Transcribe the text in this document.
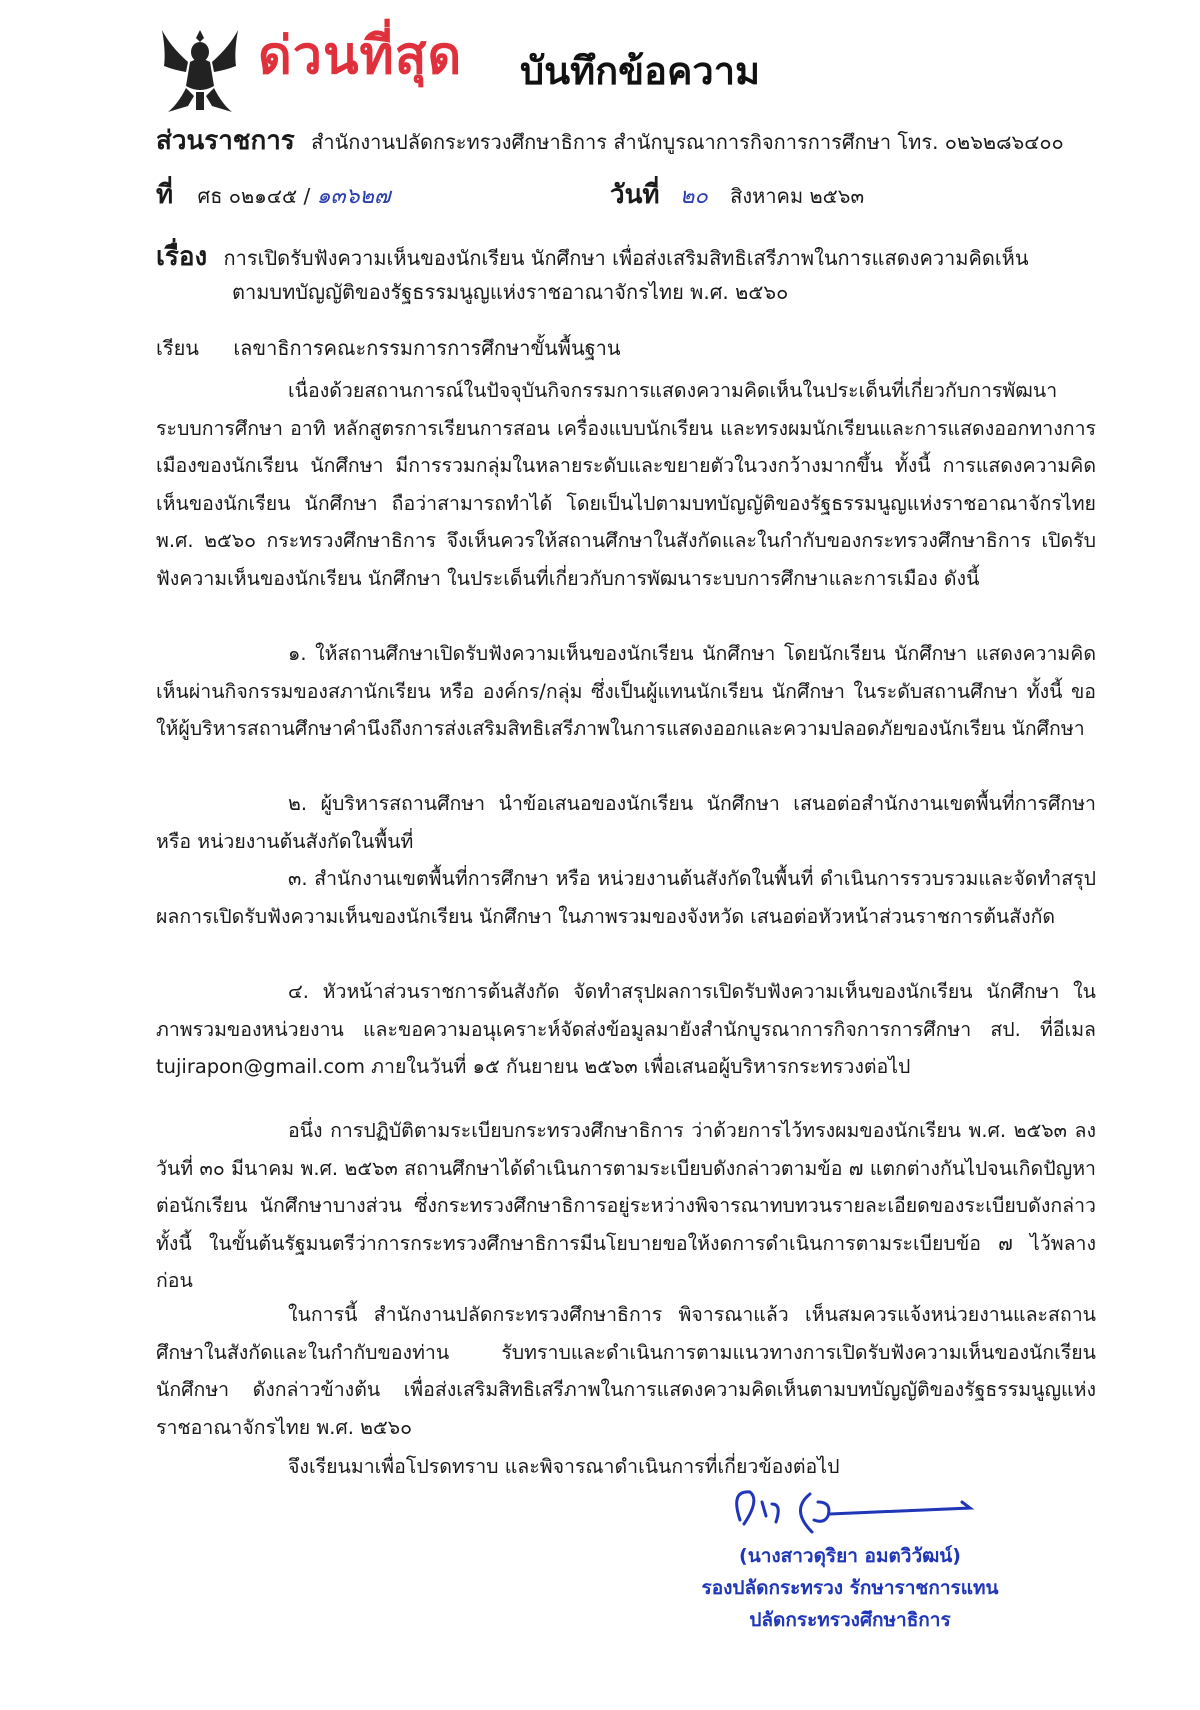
ด่วนที่สุด บันทึกข้อความ
ส่วนราชการ สำนักงานปลัดกระทรวงศึกษาธิการ สำนักบูรณาการกิจการการศึกษา โทร. ๐๒๖๒๘๖๔๐๐
ที่ ศธ ๐๒๑๔๕ / ๑๓๖๒๗	วันที่ ๒๐ สิงหาคม ๒๕๖๓
เรื่อง การเปิดรับฟังความเห็นของนักเรียน นักศึกษา เพื่อส่งเสริมสิทธิเสรีภาพในการแสดงความคิดเห็น
ตามบทบัญญัติของรัฐธรรมนูญแห่งราชอาณาจักรไทย พ.ศ. ๒๕๖๐
เรียน เลขาธิการคณะกรรมการการศึกษาขั้นพื้นฐาน
เนื่องด้วยสถานการณ์ในปัจจุบันกิจกรรมการแสดงความคิดเห็นในประเด็นที่เกี่ยวกับการพัฒนาระบบการศึกษา อาทิ หลักสูตรการเรียนการสอน เครื่องแบบนักเรียน และทรงผมนักเรียนและการแสดงออกทางการเมืองของนักเรียน นักศึกษา มีการรวมกลุ่มในหลายระดับและขยายตัวในวงกว้างมากขึ้น ทั้งนี้ การแสดงความคิดเห็นของนักเรียน นักศึกษา ถือว่าสามารถทำได้ โดยเป็นไปตามบทบัญญัติของรัฐธรรมนูญแห่งราชอาณาจักรไทย พ.ศ. ๒๕๖๐ กระทรวงศึกษาธิการ จึงเห็นควรให้สถานศึกษาในสังกัดและในกำกับของกระทรวงศึกษาธิการ เปิดรับฟังความเห็นของนักเรียน นักศึกษา ในประเด็นที่เกี่ยวกับการพัฒนาระบบการศึกษาและการเมือง ดังนี้
๑. ให้สถานศึกษาเปิดรับฟังความเห็นของนักเรียน นักศึกษา โดยนักเรียน นักศึกษา แสดงความคิดเห็นผ่านกิจกรรมของสภานักเรียน หรือ องค์กร/กลุ่ม ซึ่งเป็นผู้แทนนักเรียน นักศึกษา ในระดับสถานศึกษา ทั้งนี้ ขอให้ผู้บริหารสถานศึกษาคำนึงถึงการส่งเสริมสิทธิเสรีภาพในการแสดงออกและความปลอดภัยของนักเรียน นักศึกษา
๒. ผู้บริหารสถานศึกษา นำข้อเสนอของนักเรียน นักศึกษา เสนอต่อสำนักงานเขตพื้นที่การศึกษา หรือ หน่วยงานต้นสังกัดในพื้นที่
๓. สำนักงานเขตพื้นที่การศึกษา หรือ หน่วยงานต้นสังกัดในพื้นที่ ดำเนินการรวบรวมและจัดทำสรุปผลการเปิดรับฟังความเห็นของนักเรียน นักศึกษา ในภาพรวมของจังหวัด เสนอต่อหัวหน้าส่วนราชการต้นสังกัด
๔. หัวหน้าส่วนราชการต้นสังกัด จัดทำสรุปผลการเปิดรับฟังความเห็นของนักเรียน นักศึกษา ในภาพรวมของหน่วยงาน และขอความอนุเคราะห์จัดส่งข้อมูลมายังสำนักบูรณาการกิจการการศึกษา สป. ที่อีเมล tujirapon@gmail.com ภายในวันที่ ๑๕ กันยายน ๒๕๖๓ เพื่อเสนอผู้บริหารกระทรวงต่อไป
อนึ่ง การปฏิบัติตามระเบียบกระทรวงศึกษาธิการ ว่าด้วยการไว้ทรงผมของนักเรียน พ.ศ. ๒๕๖๓ ลงวันที่ ๓๐ มีนาคม พ.ศ. ๒๕๖๓ สถานศึกษาได้ดำเนินการตามระเบียบดังกล่าวตามข้อ ๗ แตกต่างกันไปจนเกิดปัญหาต่อนักเรียน นักศึกษาบางส่วน ซึ่งกระทรวงศึกษาธิการอยู่ระหว่างพิจารณาทบทวนรายละเอียดของระเบียบดังกล่าว ทั้งนี้ ในขั้นต้นรัฐมนตรีว่าการกระทรวงศึกษาธิการมีนโยบายขอให้งดการดำเนินการตามระเบียบข้อ ๗ ไว้พลางก่อน
ในการนี้ สำนักงานปลัดกระทรวงศึกษาธิการ พิจารณาแล้ว เห็นสมควรแจ้งหน่วยงานและสถานศึกษาในสังกัดและในกำกับของท่าน รับทราบและดำเนินการตามแนวทางการเปิดรับฟังความเห็นของนักเรียน นักศึกษา ดังกล่าวข้างต้น เพื่อส่งเสริมสิทธิเสรีภาพในการแสดงความคิดเห็นตามบทบัญญัติของรัฐธรรมนูญแห่งราชอาณาจักรไทย พ.ศ. ๒๕๖๐
จึงเรียนมาเพื่อโปรดทราบ และพิจารณาดำเนินการที่เกี่ยวข้องต่อไป
(นางสาวดุริยา อมตวิวัฒน์)
รองปลัดกระทรวง รักษาราชการแทน
ปลัดกระทรวงศึกษาธิการ
